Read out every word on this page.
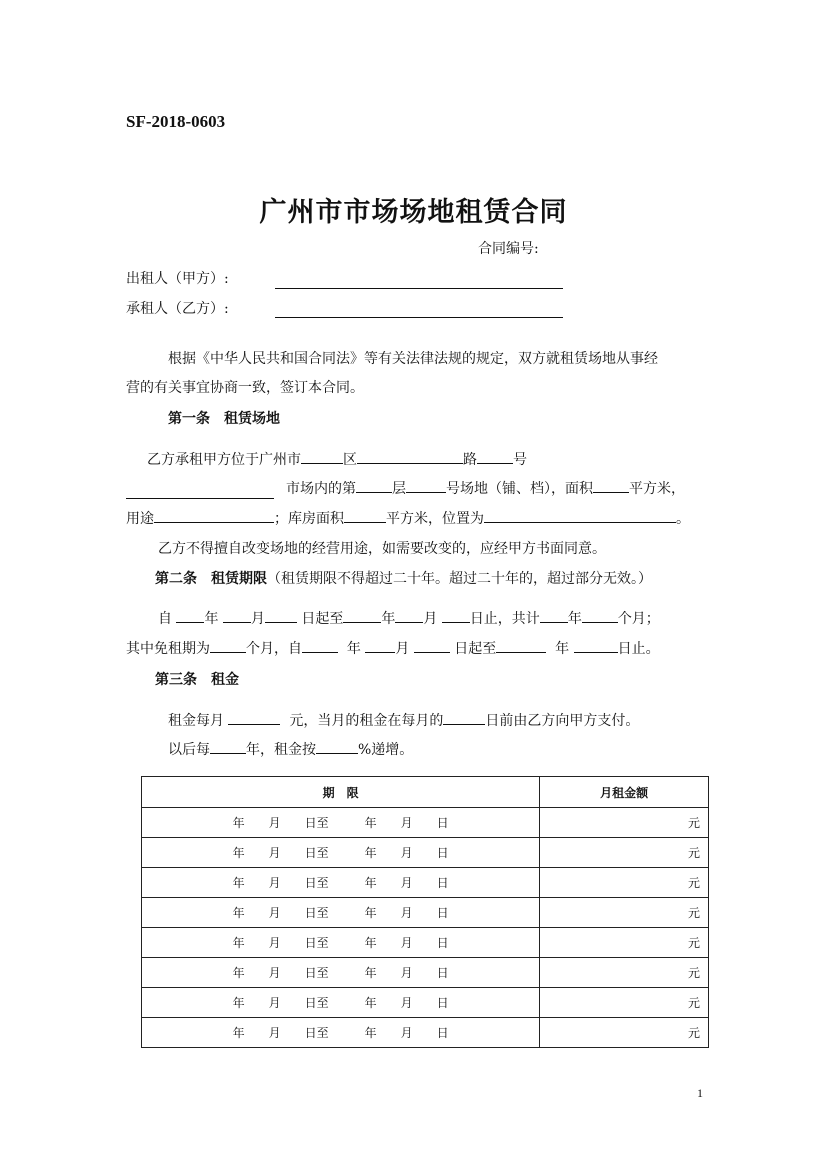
SF-2018-0603
广州市市场场地租赁合同
合同编号:
出租人（甲方）:
承租人（乙方）:
根据《中华人民共和国合同法》等有关法律法规的规定，双方就租赁场地从事经
营的有关事宜协商一致，签订本合同。
第一条　租赁场地
乙方承租甲方位于广州市	区	路	号
市场内的第	层	号场地（铺、档），面积	平方米，
用途	；库房面积	平方米，位置为	。
乙方不得擅自改变场地的经营用途，如需要改变的，应经甲方书面同意。
第二条　租赁期限（租赁期限不得超过二十年。超过二十年的，超过部分无效。）
自 年 月	日起至	年 月 日止，共计 年	个月；
其中免租期为	个月，自	年 月	日起至	年	日止。
第三条　租金
租金每月	元，当月的租金在每月的	日前由乙方向甲方支付。
以后每	年，租金按	%递增。
期　限	月租金额
年　　月　　日至　　　年　　月　　日	元
年　　月　　日至　　　年　　月　　日	元
年　　月　　日至　　　年　　月　　日	元
年　　月　　日至　　　年　　月　　日	元
年　　月　　日至　　　年　　月　　日	元
年　　月　　日至　　　年　　月　　日	元
年　　月　　日至　　　年　　月　　日	元
年　　月　　日至　　　年　　月　　日	元
1
